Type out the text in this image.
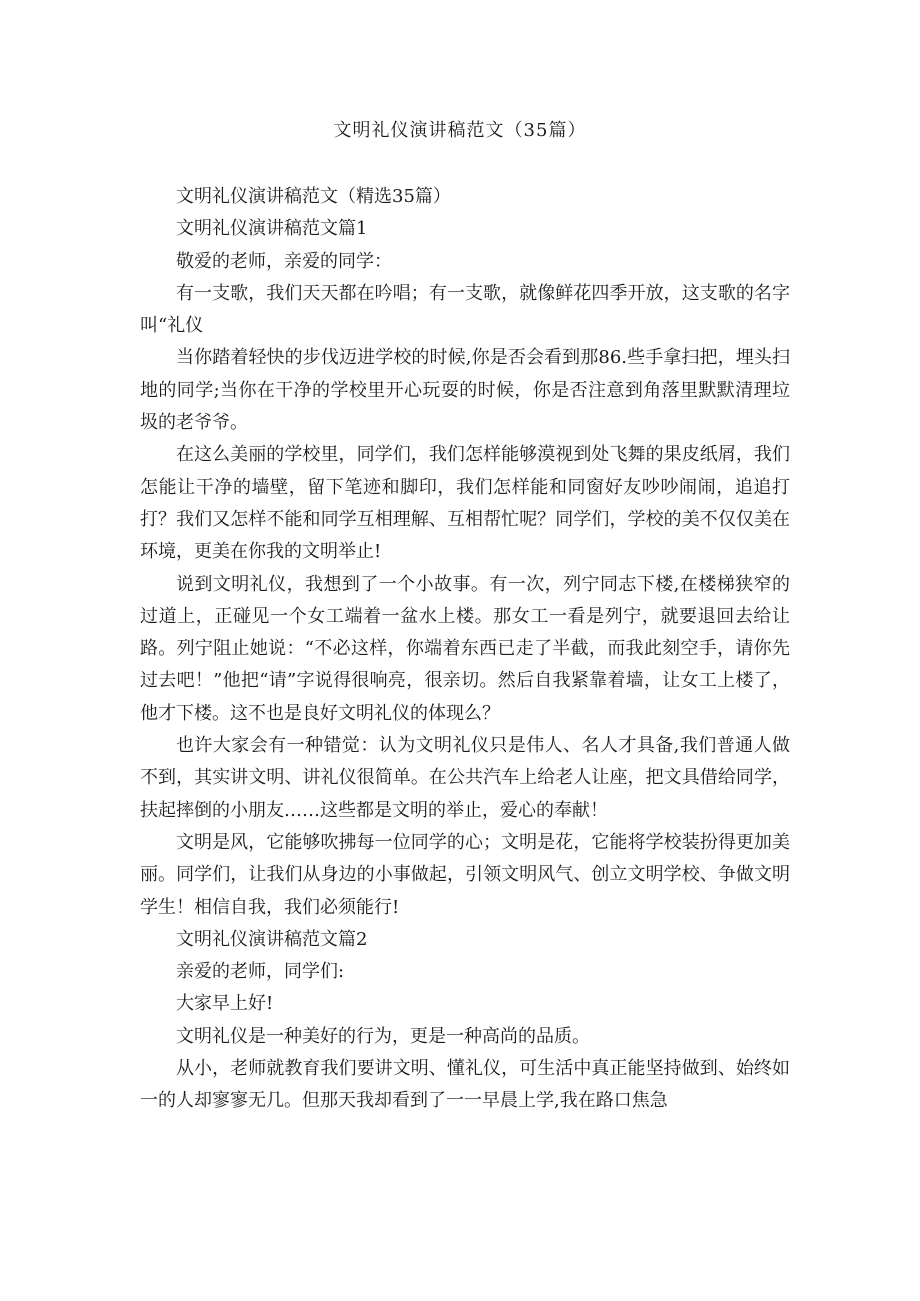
文明礼仪演讲稿范文（35篇）

文明礼仪演讲稿范文（精选35篇）

文明礼仪演讲稿范文篇1

敬爱的老师，亲爱的同学：

有一支歌，我们天天都在吟唱；有一支歌，就像鲜花四季开放，这支歌的名字叫“礼仪

当你踏着轻快的步伐迈进学校的时候,你是否会看到那86.些手拿扫把，埋头扫地的同学;当你在干净的学校里开心玩耍的时候，你是否注意到角落里默默清理垃圾的老爷爷。

在这么美丽的学校里，同学们，我们怎样能够漠视到处飞舞的果皮纸屑，我们怎能让干净的墙壁，留下笔迹和脚印，我们怎样能和同窗好友吵吵闹闹，追追打打？我们又怎样不能和同学互相理解、互相帮忙呢？同学们，学校的美不仅仅美在环境，更美在你我的文明举止!

说到文明礼仪，我想到了一个小故事。有一次，列宁同志下楼,在楼梯狭窄的过道上，正碰见一个女工端着一盆水上楼。那女工一看是列宁，就要退回去给让路。列宁阻止她说：“不必这样，你端着东西已走了半截，而我此刻空手，请你先过去吧！”他把“请”字说得很响亮，很亲切。然后自我紧靠着墙，让女工上楼了，他才下楼。这不也是良好文明礼仪的体现么？

也许大家会有一种错觉：认为文明礼仪只是伟人、名人才具备,我们普通人做不到，其实讲文明、讲礼仪很简单。在公共汽车上给老人让座，把文具借给同学，扶起摔倒的小朋友……这些都是文明的举止，爱心的奉献！

文明是风，它能够吹拂每一位同学的心；文明是花，它能将学校装扮得更加美丽。同学们，让我们从身边的小事做起，引领文明风气、创立文明学校、争做文明学生！相信自我，我们必须能行!

文明礼仪演讲稿范文篇2

亲爱的老师，同学们:

大家早上好!

文明礼仪是一种美好的行为，更是一种高尚的品质。

从小，老师就教育我们要讲文明、懂礼仪，可生活中真正能坚持做到、始终如一的人却寥寥无几。但那天我却看到了一一早晨上学,我在路口焦急
